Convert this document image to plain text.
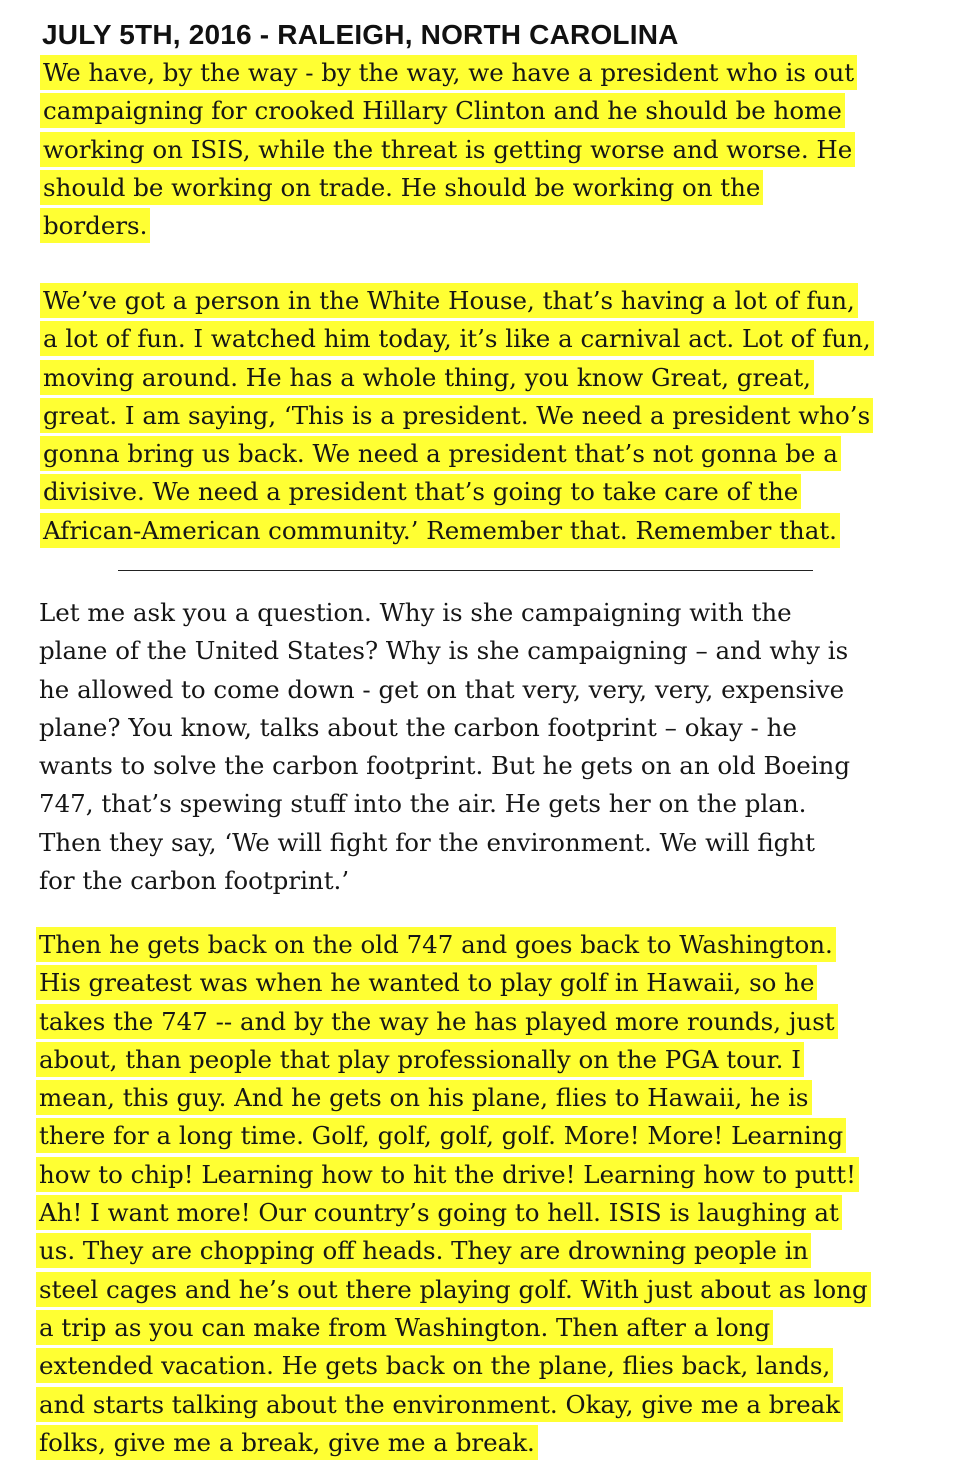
JULY 5TH, 2016 - RALEIGH, NORTH CAROLINA
We have, by the way - by the way, we have a president who is out
campaigning for crooked Hillary Clinton and he should be home
working on ISIS, while the threat is getting worse and worse. He
should be working on trade. He should be working on the
borders.
We’ve got a person in the White House, that’s having a lot of fun,
a lot of fun. I watched him today, it’s like a carnival act. Lot of fun,
moving around. He has a whole thing, you know Great, great,
great. I am saying, ‘This is a president. We need a president who’s
gonna bring us back. We need a president that’s not gonna be a
divisive. We need a president that’s going to take care of the
African-American community.’ Remember that. Remember that.
Let me ask you a question. Why is she campaigning with the
plane of the United States? Why is she campaigning – and why is
he allowed to come down - get on that very, very, very, expensive
plane? You know, talks about the carbon footprint – okay - he
wants to solve the carbon footprint. But he gets on an old Boeing
747, that’s spewing stuff into the air. He gets her on the plan.
Then they say, ‘We will fight for the environment. We will fight
for the carbon footprint.’
Then he gets back on the old 747 and goes back to Washington.
His greatest was when he wanted to play golf in Hawaii, so he
takes the 747 -- and by the way he has played more rounds, just
about, than people that play professionally on the PGA tour. I
mean, this guy. And he gets on his plane, flies to Hawaii, he is
there for a long time. Golf, golf, golf, golf. More! More! Learning
how to chip! Learning how to hit the drive! Learning how to putt!
Ah! I want more! Our country’s going to hell. ISIS is laughing at
us. They are chopping off heads. They are drowning people in
steel cages and he’s out there playing golf. With just about as long
a trip as you can make from Washington. Then after a long
extended vacation. He gets back on the plane, flies back, lands,
and starts talking about the environment. Okay, give me a break
folks, give me a break, give me a break.
